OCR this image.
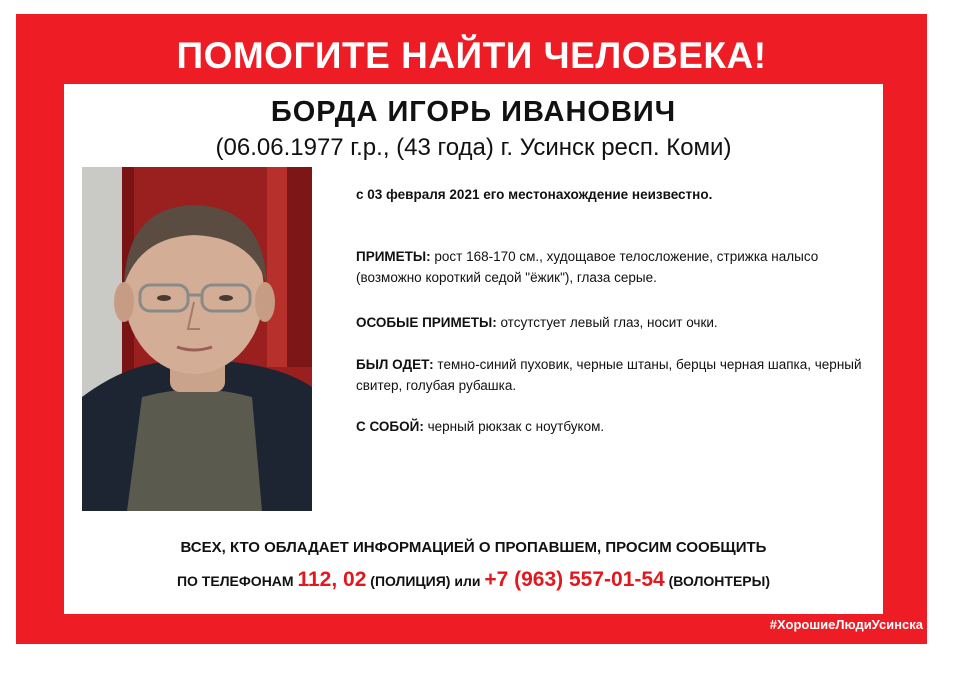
ПОМОГИТЕ НАЙТИ ЧЕЛОВЕКА!
БОРДА ИГОРЬ ИВАНОВИЧ
(06.06.1977 г.р., (43 года) г. Усинск респ. Коми)
с 03 февраля 2021 его местонахождение неизвестно.
ПРИМЕТЫ: рост 168-170 см., худощавое телосложение, стрижка налысо (возможно короткий седой "ёжик"), глаза серые.
ОСОБЫЕ ПРИМЕТЫ: отсутстует левый глаз, носит очки.
БЫЛ ОДЕТ: темно-синий пуховик, черные штаны, берцы черная шапка, черный свитер, голубая рубашка.
С СОБОЙ: черный рюкзак с ноутбуком.
ВСЕХ, КТО ОБЛАДАЕТ ИНФОРМАЦИЕЙ О ПРОПАВШЕМ, ПРОСИМ СООБЩИТЬ
ПО ТЕЛЕФОНАМ 112, 02 (ПОЛИЦИЯ) или +7 (963) 557-01-54 (ВОЛОНТЕРЫ)
#ХорошиеЛюдиУсинска
